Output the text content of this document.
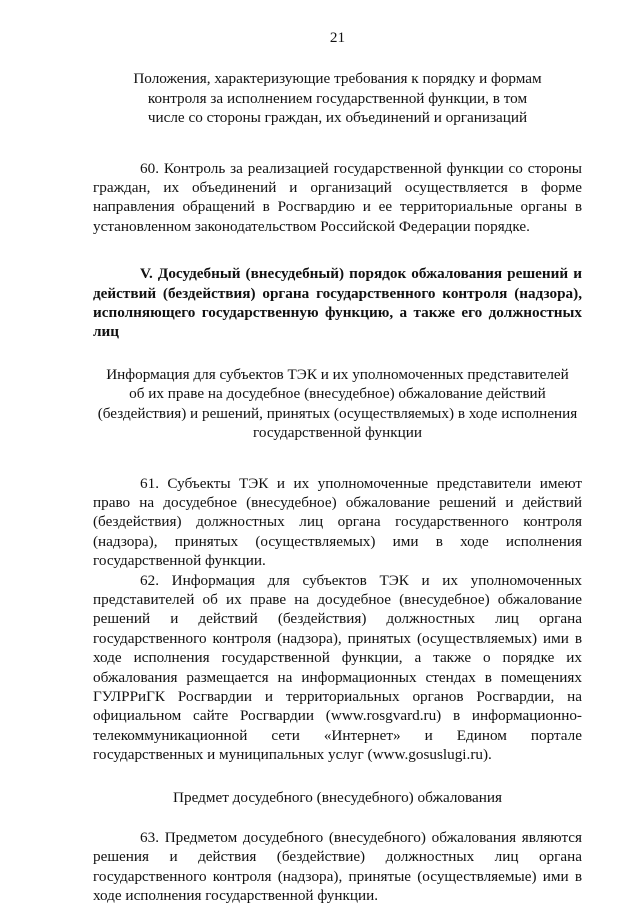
21

Положения, характеризующие требования к порядку и формам контроля за исполнением государственной функции, в том числе со стороны граждан, их объединений и организаций

60. Контроль за реализацией государственной функции со стороны граждан, их объединений и организаций осуществляется в форме направления обращений в Росгвардию и ее территориальные органы в установленном законодательством Российской Федерации порядке.

V. Досудебный (внесудебный) порядок обжалования решений и действий (бездействия) органа государственного контроля (надзора), исполняющего государственную функцию, а также его должностных лиц

Информация для субъектов ТЭК и их уполномоченных представителей об их праве на досудебное (внесудебное) обжалование действий (бездействия) и решений, принятых (осуществляемых) в ходе исполнения государственной функции

61. Субъекты ТЭК и их уполномоченные представители имеют право на досудебное (внесудебное) обжалование решений и действий (бездействия) должностных лиц органа государственного контроля (надзора), принятых (осуществляемых) ими в ходе исполнения государственной функции.

62. Информация для субъектов ТЭК и их уполномоченных представителей об их праве на досудебное (внесудебное) обжалование решений и действий (бездействия) должностных лиц органа государственного контроля (надзора), принятых (осуществляемых) ими в ходе исполнения государственной функции, а также о порядке их обжалования размещается на информационных стендах в помещениях ГУЛРРиГК Росгвардии и территориальных органов Росгвардии, на официальном сайте Росгвардии (www.rosgvard.ru) в информационно-телекоммуникационной сети «Интернет» и Едином портале государственных и муниципальных услуг (www.gosuslugi.ru).

Предмет досудебного (внесудебного) обжалования

63. Предметом досудебного (внесудебного) обжалования являются решения и действия (бездействие) должностных лиц органа государственного контроля (надзора), принятые (осуществляемые) ими в ходе исполнения государственной функции.
